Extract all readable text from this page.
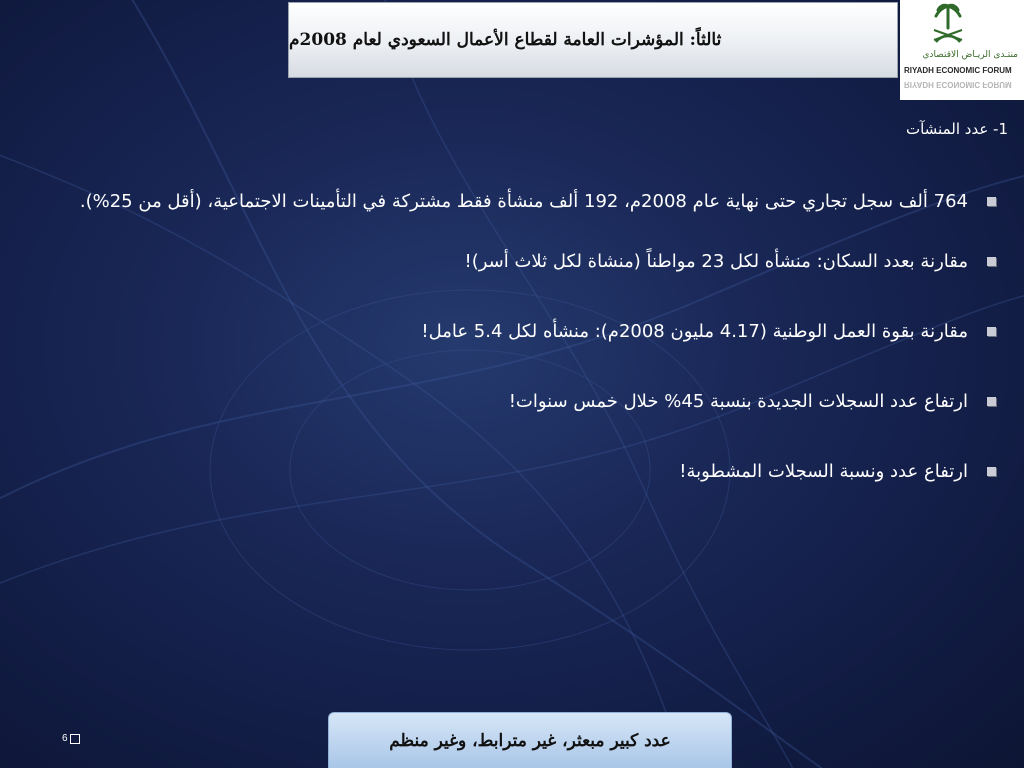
ثالثاً: المؤشرات العامة لقطاع الأعمال السعودي لعام 2008م
منتـدى الريـاض الاقتصادي
RIYADH ECONOMIC FORUM
RIYADH ECONOMIC FORUM
1- عدد المنشآت
764 ألف سجل تجاري حتى نهاية عام 2008م، 192 ألف منشأة فقط مشتركة في التأمينات الاجتماعية، (أقل من 25%).
مقارنة بعدد السكان: منشأه لكل 23 مواطناً (منشاة لكل ثلاث أسر)!
مقارنة بقوة العمل الوطنية (4.17 مليون 2008م): منشأه لكل 5.4 عامل!
ارتفاع عدد السجلات الجديدة بنسبة 45% خلال خمس سنوات!
ارتفاع عدد ونسبة السجلات المشطوبة!
عدد كبير مبعثر، غير مترابط، وغير منظم
6
